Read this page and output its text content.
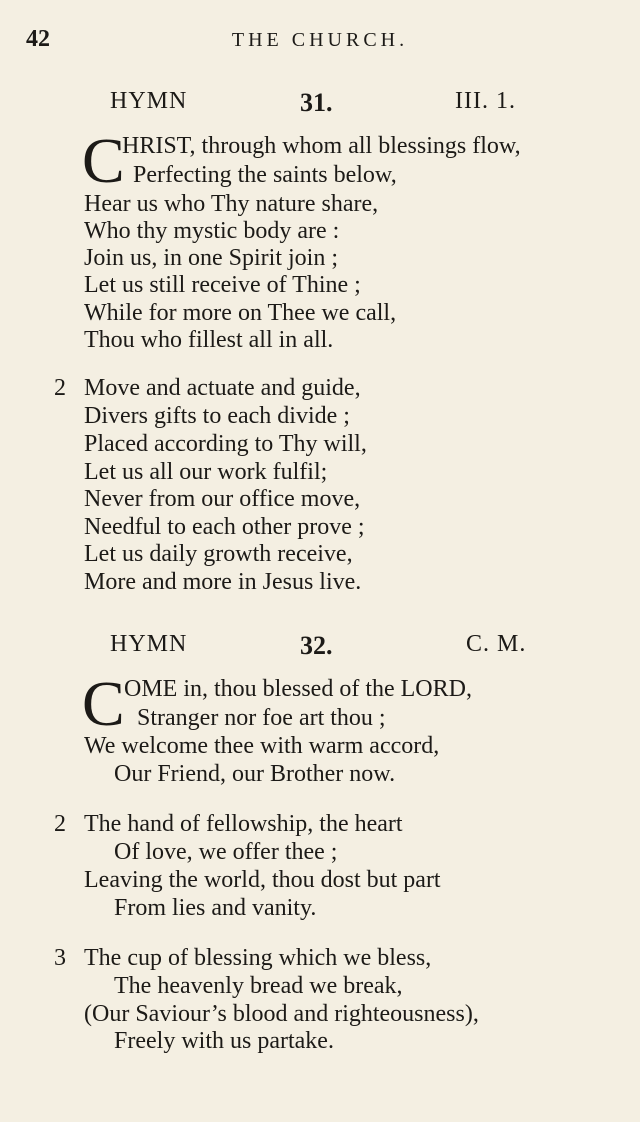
42	THE CHURCH.
HYMN	31.	III. 1.
C
HRIST, through whom all blessings flow,
Perfecting the saints below,
Hear us who Thy nature share,
Who thy mystic body are :
Join us, in one Spirit join ;
Let us still receive of Thine ;
While for more on Thee we call,
Thou who fillest all in all.
2 Move and actuate and guide,
Divers gifts to each divide ;
Placed according to Thy will,
Let us all our work fulfil;
Never from our office move,
Needful to each other prove ;
Let us daily growth receive,
More and more in Jesus live.
HYMN	32.	C. M.
C OME in, thou blessed of the LORD,
Stranger nor foe art thou ;
We welcome thee with warm accord,
Our Friend, our Brother now.
2 The hand of fellowship, the heart
Of love, we offer thee ;
Leaving the world, thou dost but part
From lies and vanity.
3 The cup of blessing which we bless,
The heavenly bread we break,
(Our Saviour’s blood and righteousness),
Freely with us partake.
